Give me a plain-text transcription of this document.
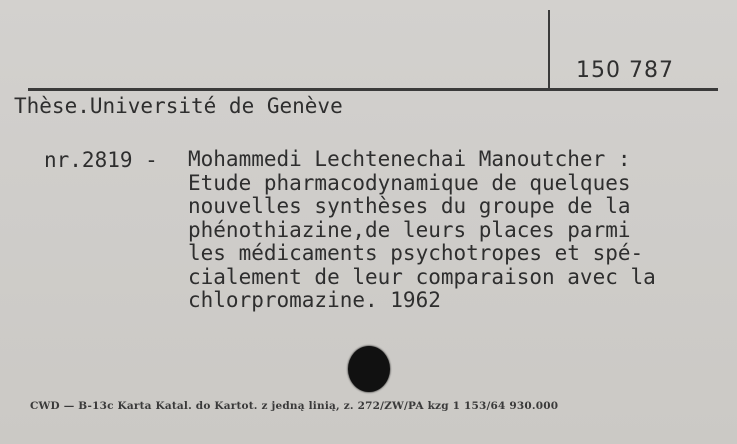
150 787
Thèse.Université de Genève
nr.2819 - Mohammedi Lechtenechai Manoutcher :
Etude pharmacodynamique de quelques
nouvelles synthèses du groupe de la
phénothiazine,de leurs places parmi
les médicaments psychotropes et spé-
cialement de leur comparaison avec la
chlorpromazine. 1962
CWD — B-13c Karta Katal. do Kartot. z jedną linią, z. 272/ZW/PA kzg 1 153/64 930.000
